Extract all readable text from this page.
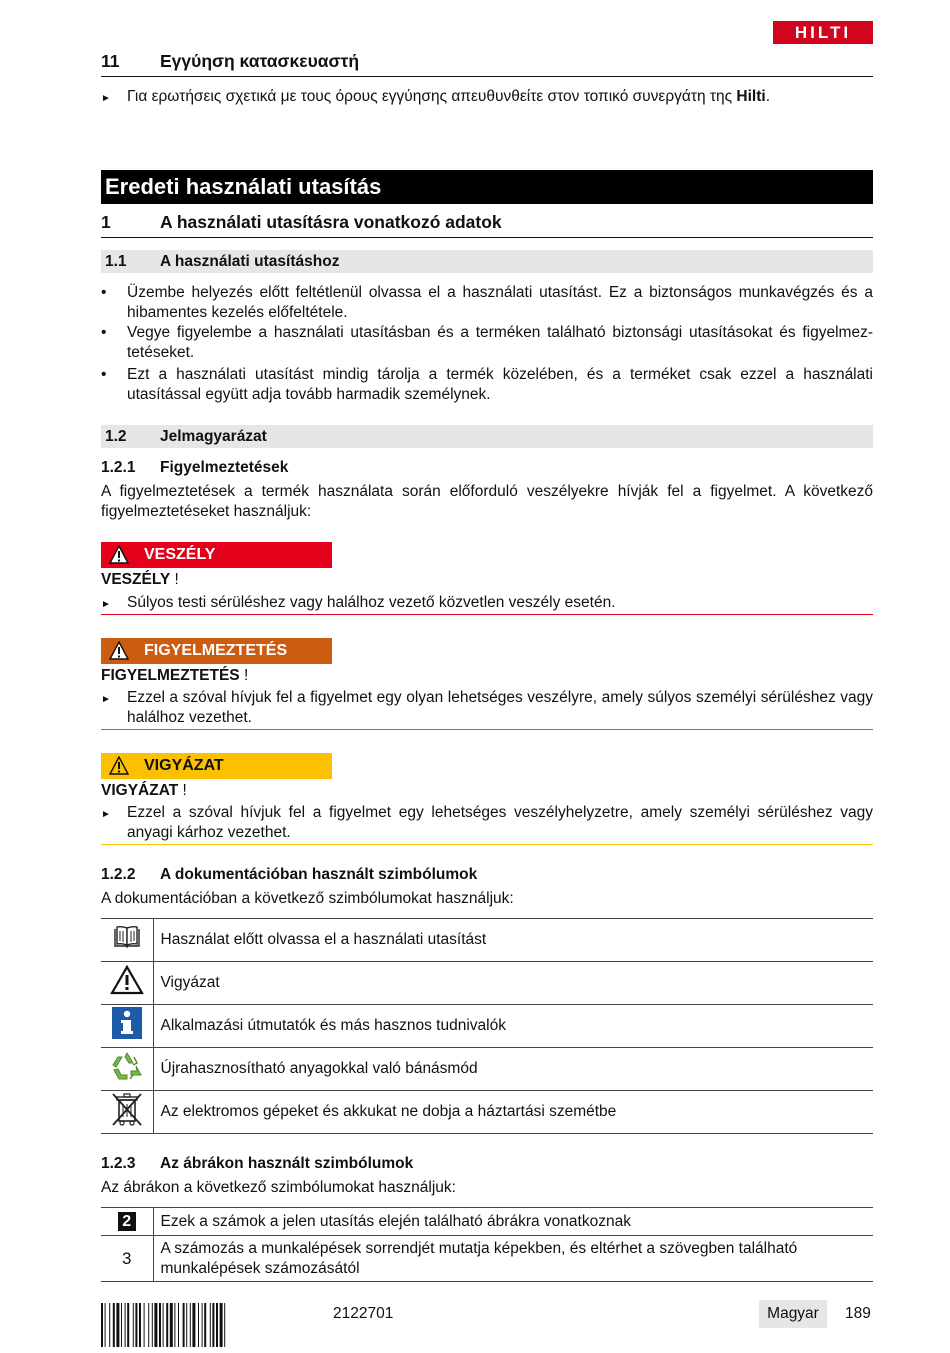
HILTI
11 Εγγύηση κατασκευαστή
► Για ερωτήσεις σχετικά με τους όρους εγγύησης απευθυνθείτε στον τοπικό συνεργάτη της Hilti.
Eredeti használati utasítás
1	A használati utasításra vonatkozó adatok
1.1 A használati utasításhoz
• Üzembe helyezés előtt feltétlenül olvassa el a használati utasítást. Ez a biztonságos munkavégzés és a hibamentes kezelés előfeltétele.
• Vegye figyelembe a használati utasításban és a terméken található biztonsági utasításokat és figyelmeztetéseket.
• Ezt a használati utasítást mindig tárolja a termék közelében, és a terméket csak ezzel a használati utasítással együtt adja tovább harmadik személynek.
1.2 Jelmagyarázat
1.2.1 Figyelmeztetések
A figyelmeztetések a termék használata során előforduló veszélyekre hívják fel a figyelmet. A következő figyelmeztetéseket használjuk:
VESZÉLY
VESZÉLY !
► Súlyos testi sérüléshez vagy halálhoz vezető közvetlen veszély esetén.
FIGYELMEZTETÉS
FIGYELMEZTETÉS !
► Ezzel a szóval hívjuk fel a figyelmet egy olyan lehetséges veszélyre, amely súlyos személyi sérüléshez vagy halálhoz vezethet.
VIGYÁZAT
VIGYÁZAT !
► Ezzel a szóval hívjuk fel a figyelmet egy lehetséges veszélyhelyzetre, amely személyi sérüléshez vagy anyagi kárhoz vezethet.
1.2.2 A dokumentációban használt szimbólumok
A dokumentációban a következő szimbólumokat használjuk:
	Használat előtt olvassa el a használati utasítást
	Vigyázat
	Alkalmazási útmutatók és más hasznos tudnivalók
	Újrahasznosítható anyagokkal való bánásmód
	Az elektromos gépeket és akkukat ne dobja a háztartási szemétbe
1.2.3 Az ábrákon használt szimbólumok
Az ábrákon a következő szimbólumokat használjuk:
2	Ezek a számok a jelen utasítás elején található ábrákra vonatkoznak
3	A számozás a munkalépések sorrendjét mutatja képekben, és eltérhet a szövegben található munkalépések számozásától
2122701	Magyar	189
